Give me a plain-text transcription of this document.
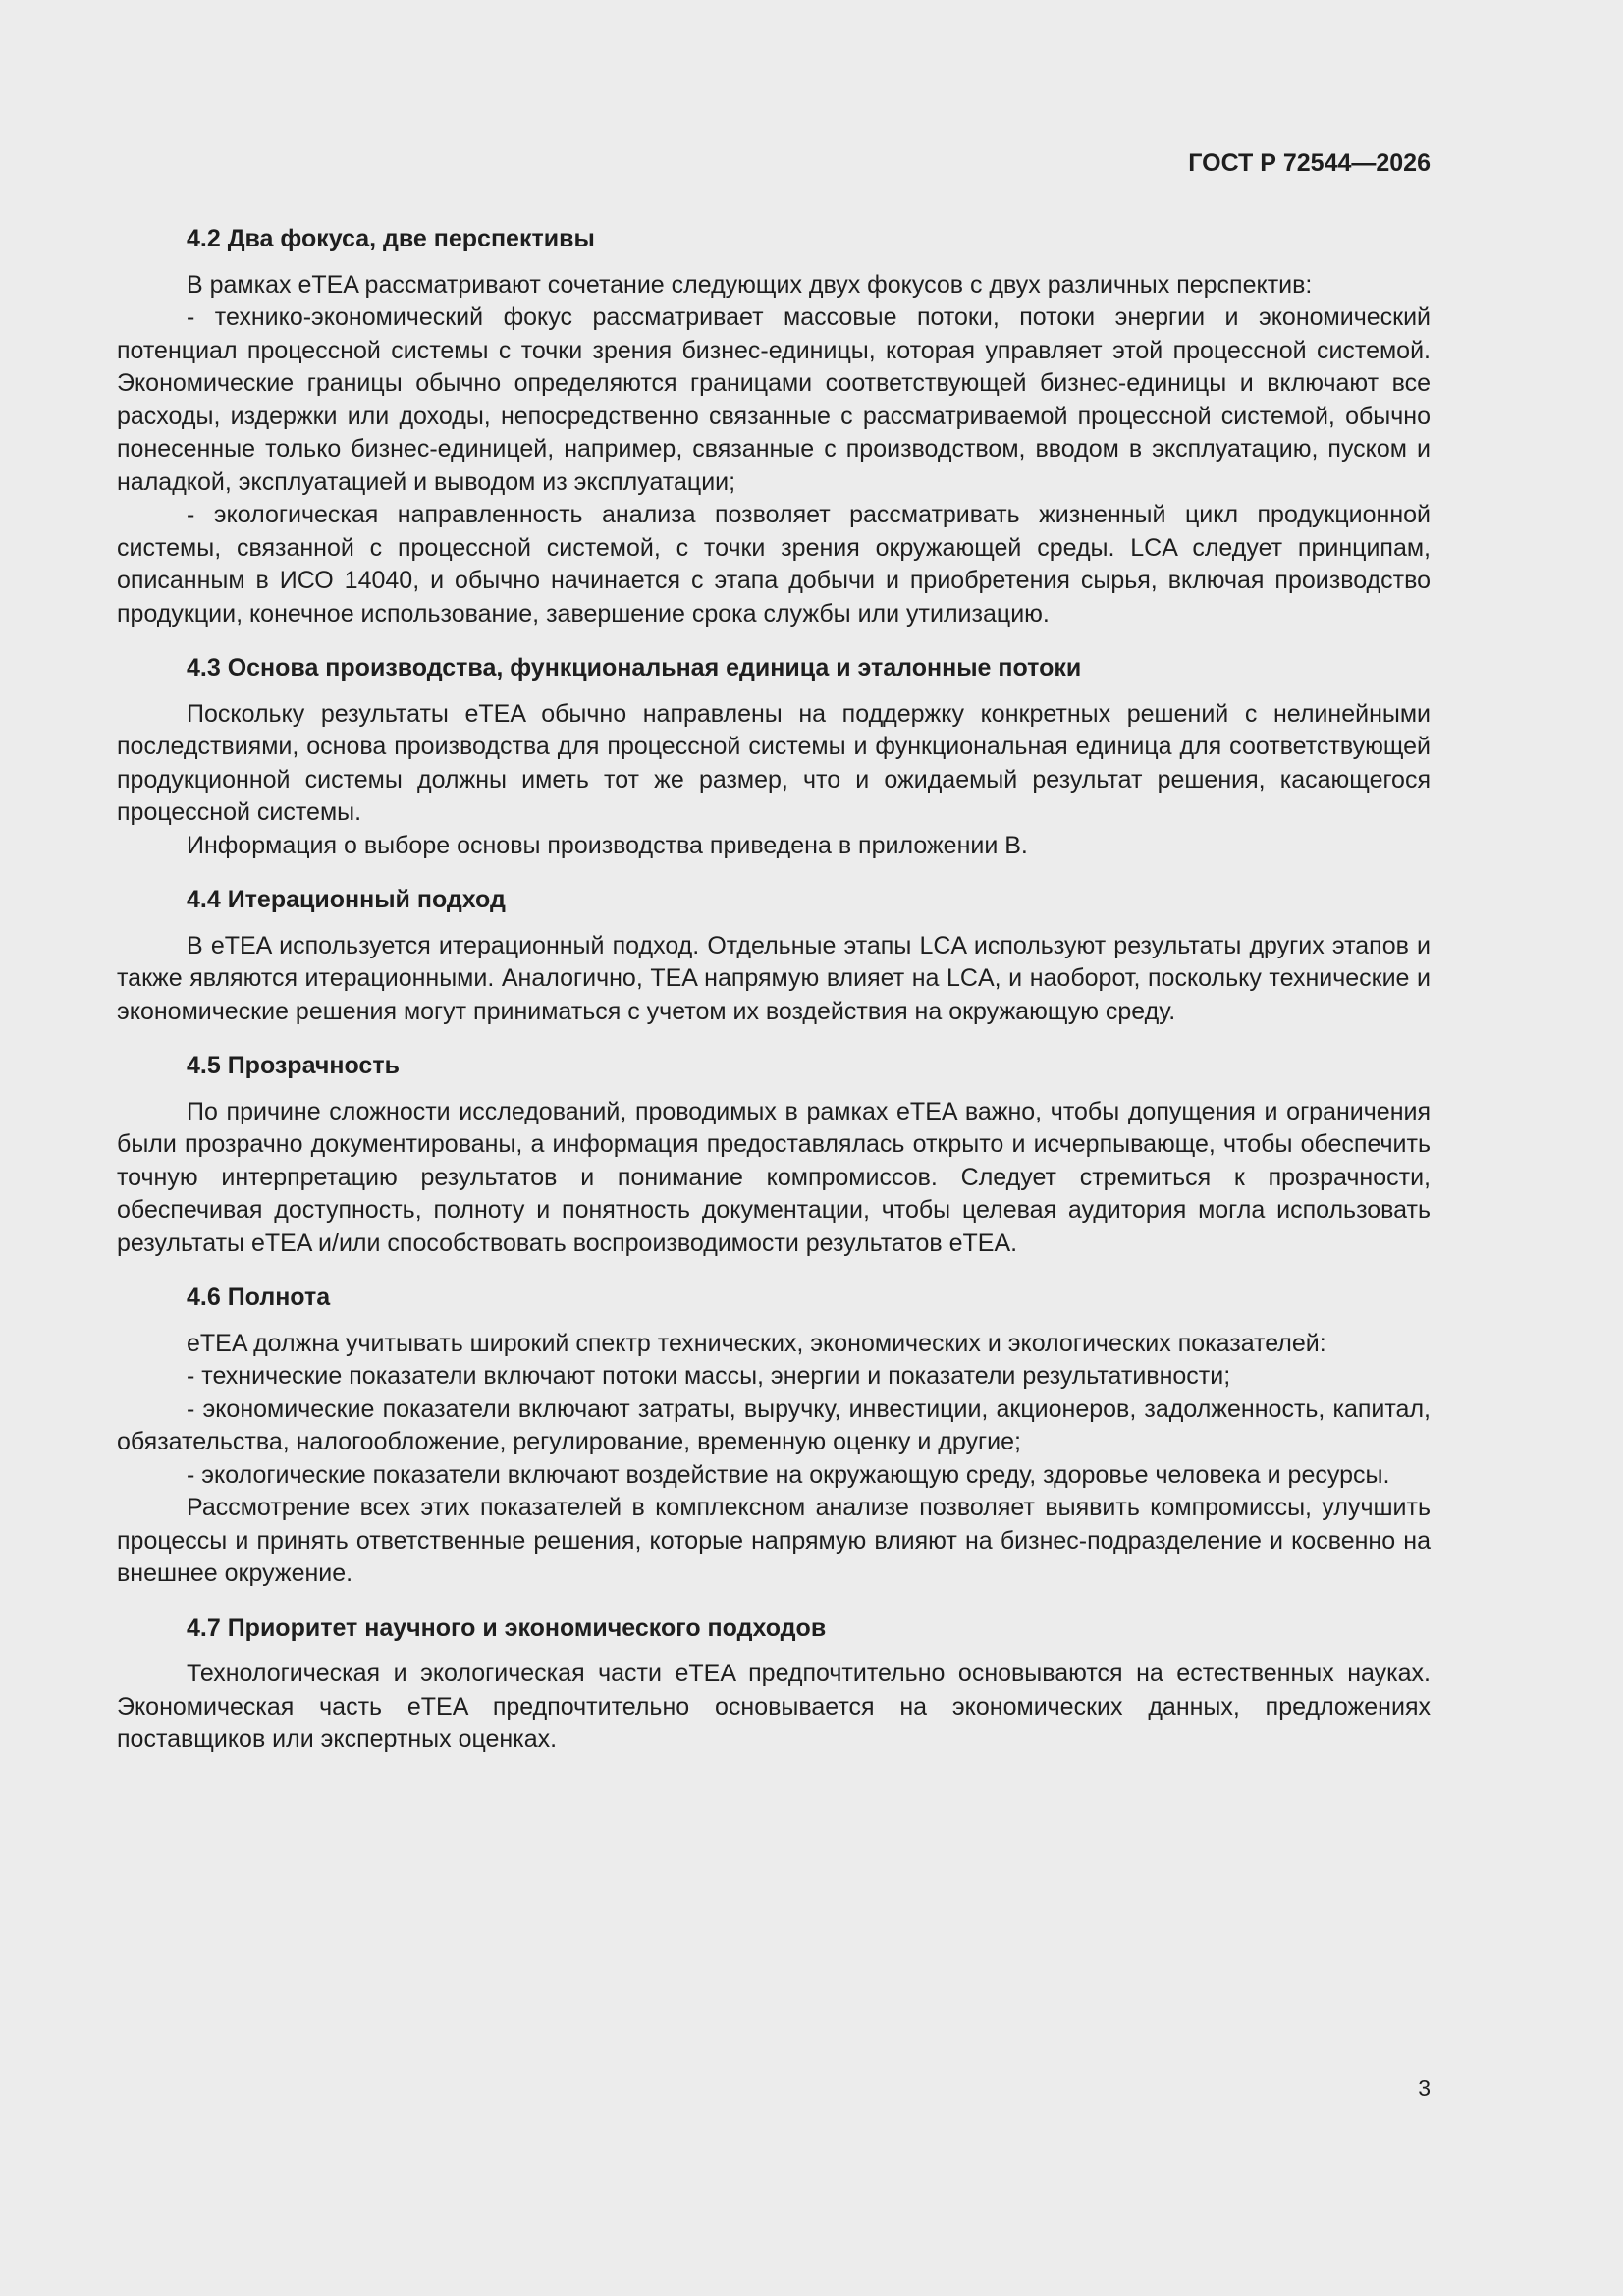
ГОСТ Р 72544—2026
4.2 Два фокуса, две перспективы

В рамках eTEA рассматривают сочетание следующих двух фокусов с двух различных перспектив:

- технико-экономический фокус рассматривает массовые потоки, потоки энергии и экономический потенциал процессной системы с точки зрения бизнес-единицы, которая управляет этой процессной системой. Экономические границы обычно определяются границами соответствующей бизнес-единицы и включают все расходы, издержки или доходы, непосредственно связанные с рассматриваемой процессной системой, обычно понесенные только бизнес-единицей, например, связанные с производством, вводом в эксплуатацию, пуском и наладкой, эксплуатацией и выводом из эксплуатации;

- экологическая направленность анализа позволяет рассматривать жизненный цикл продукционной системы, связанной с процессной системой, с точки зрения окружающей среды. LCA следует принципам, описанным в ИСО 14040, и обычно начинается с этапа добычи и приобретения сырья, включая производство продукции, конечное использование, завершение срока службы или утилизацию.

4.3 Основа производства, функциональная единица и эталонные потоки

Поскольку результаты eTEA обычно направлены на поддержку конкретных решений с нелинейными последствиями, основа производства для процессной системы и функциональная единица для соответствующей продукционной системы должны иметь тот же размер, что и ожидаемый результат решения, касающегося процессной системы.

Информация о выборе основы производства приведена в приложении В.

4.4 Итерационный подход

В eTEA используется итерационный подход. Отдельные этапы LCA используют результаты других этапов и также являются итерационными. Аналогично, TEA напрямую влияет на LCA, и наоборот, поскольку технические и экономические решения могут приниматься с учетом их воздействия на окружающую среду.

4.5 Прозрачность

По причине сложности исследований, проводимых в рамках eTEA важно, чтобы допущения и ограничения были прозрачно документированы, а информация предоставлялась открыто и исчерпывающе, чтобы обеспечить точную интерпретацию результатов и понимание компромиссов. Следует стремиться к прозрачности, обеспечивая доступность, полноту и понятность документации, чтобы целевая аудитория могла использовать результаты eTEA и/или способствовать воспроизводимости результатов eTEA.

4.6 Полнота

eTEA должна учитывать широкий спектр технических, экономических и экологических показателей:

- технические показатели включают потоки массы, энергии и показатели результативности;

- экономические показатели включают затраты, выручку, инвестиции, акционеров, задолженность, капитал, обязательства, налогообложение, регулирование, временную оценку и другие;

- экологические показатели включают воздействие на окружающую среду, здоровье человека и ресурсы.

Рассмотрение всех этих показателей в комплексном анализе позволяет выявить компромиссы, улучшить процессы и принять ответственные решения, которые напрямую влияют на бизнес-подразделение и косвенно на внешнее окружение.

4.7 Приоритет научного и экономического подходов

Технологическая и экологическая части eTEA предпочтительно основываются на естественных науках. Экономическая часть eTEA предпочтительно основывается на экономических данных, предложениях поставщиков или экспертных оценках.

3
